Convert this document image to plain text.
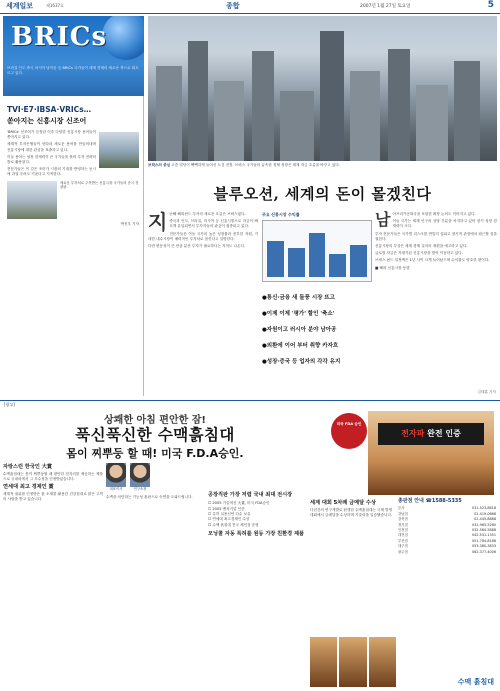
세계일보	제1637호	종합	2007년 1월 27일 토요일	5
BRICs
브라질 인도 중국 러시아 남아공 등 BRICs 국가들이 세계 경제의 새로운 축으로 떠오르고 있다.
TVI·E7·IBSA·VRICs…
쏟아지는 신흥시장 신조어

'BRICs' 신조어가 등장한 이후 다양한 신흥시장 용어들이 쏟아지고 있다.

세계적 투자은행들이 잇따라 새로운 용어를 만들어내며 신흥시장에 대한 관심을 표출하고 있다.

이들 용어는 성장 잠재력이 큰 국가들을 묶어 투자 전략의 틀로 활용된다.

전문가들은 이 같은 조어가 시장의 기대를 반영하는 동시에 과열 우려도 키운다고 지적한다.

새로운 투자처로 주목받는 신흥시장 국가들의 증시 전광판.
박진우 기자
브릭스의 중심 고층 빌딩이 빽빽하게 들어선 도심 전경. 브릭스 국가들의 급속한 경제 성장은 세계 자금 흐름을 바꾸고 있다.
블루오션, 세계의 돈이 몰겠친다
지 난해 해외펀드 투자의 새로운 흐름은 브릭스였다.

중국과 인도, 브라질, 러시아 등 신흥시장으로 자금이 빠르게 유입되면서 투자자들의 관심이 집중되고 있다.

전문가들은 이들 국가의 높은 성장률과 풍부한 자원, 거대한 내수시장이 매력적인 투자처로 꼽힌다고 설명한다.

다만 변동성이 큰 만큼 분산 투자가 필요하다는 지적도 나온다.

주요 신흥시장 수익률
●통신·금융 새 돌풍 시장 뜨고
●이제 이제 '평가' 할인 '축소'
●자원이고 러시아 분야 남아공
●외환에 이어 부터 취향 카자흐
●성장·증국 등 업자의 각각 유지
남 아프리카공화국을 포함한 확장 논의도 이어지고 있다.

이들 국가는 세계 인구의 상당 부분을 차지하고 있어 장기 성장 잠재력이 크다.

투자 전문가들은 국가별 리스크를 면밀히 살피고 장기적 관점에서 접근할 것을 권한다.

신흥시장의 부상은 세계 경제 질서의 재편을 예고하고 있다.

글로벌 자금은 저평가된 신흥시장을 찾아 이동하고 있다.

브릭스 펀드 설정액은 1년 사이 크게 늘어났으며 수익률도 양호한 편이다.

■ 해외 신흥시장 동향

김태훈 기자
[광고]
상쾌한 아침 편안한 잠!
푹신푹신한 수맥흙침대
몸이 찌뿌둥 할 때! 미국 F.D.A승인.
미국 FDA 승인
전자파 완전 인증
자랑스런 한국인 大賞

수맥흙침대는 몸이 찌뿌둥할 때 편안한 잠자리를 제공하는 제품으로 국내외에서 그 우수성을 인정받았습니다.

연세대 최고 경제인 賞

세계적 권위를 인정받은 흙 소재를 활용한 건강침대로 많은 고객의 사랑을 받고 있습니다.

대표이사	연구소장

수맥을 차단하는 기능성 흙판으로 숙면을 도와드립니다.	공장직판 가장 저렴 국내 최대 전시장
☐ 2005 기술혁신 大賞, 미국 FDA승인
☐ 2005 벤처기업 인증
☐ 특허 실용신안 다수 보유
☐ 연세대 최고경제인 수상
☐ 수맥 흙침대 전국 체인점 운영
모닝콜 자동 특허를 원등 가장 친환경 제품
세계 대회 5차례 금메달 수상

다년간의 연구개발로 탄생한 수맥흙침대는 국제 발명대회에서 금메달을 수상하며 기술력을 입증했습니다.

총판점 안내 ☎1588-5335
본사	031-523-8818
강남점	02-419-0668
강북점	02-445-8888
경기점	031-965-5280
인천점	032-584-5888
대전점	042-531-1351
부산점	051-784-8188
대구점	053-380-3833
광주점	062-377-4006
수맥 흙침대
